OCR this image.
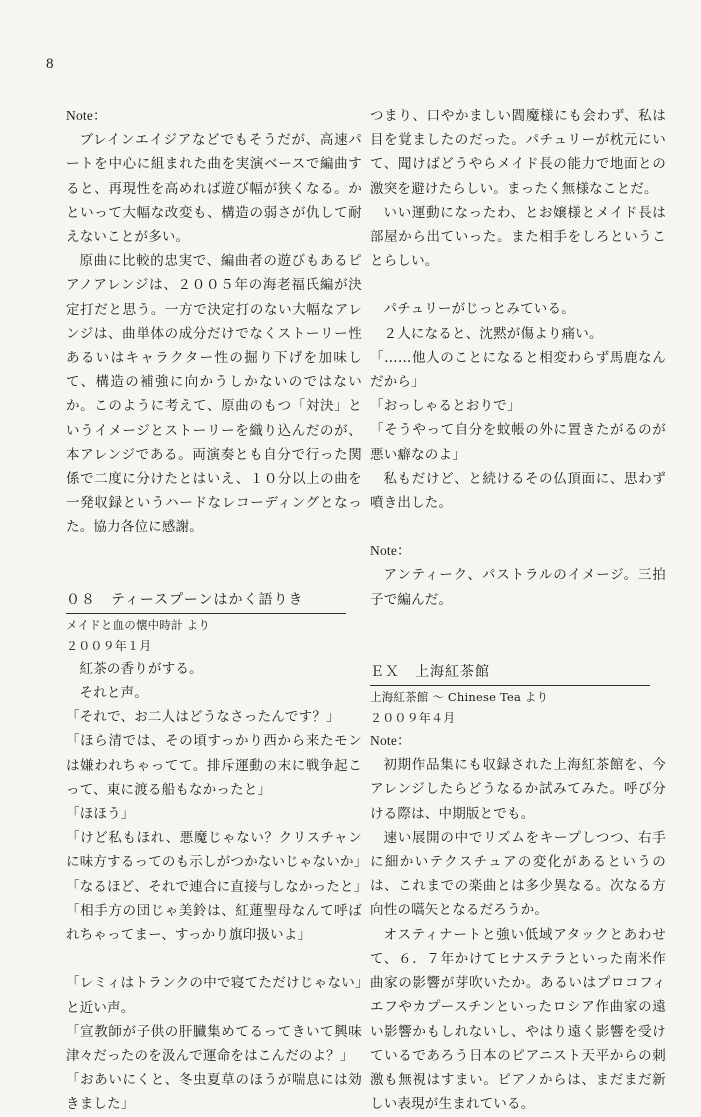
8

Note：

ブレインエイジアなどでもそうだが、高速パートを中心に組まれた曲を実演ベースで編曲すると、再現性を高めれば遊び幅が狭くなる。かといって大幅な改変も、構造の弱さが仇して耐えないことが多い。

原曲に比較的忠実で、編曲者の遊びもあるピアノアレンジは、２００５年の海老福氏編が決定打だと思う。一方で決定打のない大幅なアレンジは、曲単体の成分だけでなくストーリー性あるいはキャラクター性の掘り下げを加味して、構造の補強に向かうしかないのではないか。このように考えて、原曲のもつ「対決」というイメージとストーリーを織り込んだのが、本アレンジである。両演奏とも自分で行った関係で二度に分けたとはいえ、１０分以上の曲を一発収録というハードなレコーディングとなった。協力各位に感謝。

０８　ティースプーンはかく語りき

メイドと血の懐中時計 より

２００９年１月

紅茶の香りがする。

それと声。

「それで、お二人はどうなさったんです？」

「ほら清では、その頃すっかり西から来たモンは嫌われちゃってて。排斥運動の末に戦争起こって、東に渡る船もなかったと」

「ほほう」

「けど私もほれ、悪魔じゃない？クリスチャンに味方するってのも示しがつかないじゃないか」

「なるほど、それで連合に直接与しなかったと」

「相手方の団じゃ美鈴は、紅蓮聖母なんて呼ばれちゃってまー、すっかり旗印扱いよ」

「レミィはトランクの中で寝てただけじゃない」と近い声。

「宣教師が子供の肝臓集めてるってきいて興味津々だったのを汲んで運命をはこんだのよ？」

「おあいにくと、冬虫夏草のほうが喘息には効きました」

つまり、口やかましい閻魔様にも会わず、私は目を覚ましたのだった。パチュリーが枕元にいて、聞けばどうやらメイド長の能力で地面との激突を避けたらしい。まったく無様なことだ。

いい運動になったわ、とお嬢様とメイド長は部屋から出ていった。また相手をしろということらしい。

パチュリーがじっとみている。

２人になると、沈黙が傷より痛い。

「……他人のことになると相変わらず馬鹿なんだから」

「おっしゃるとおりで」

「そうやって自分を蚊帳の外に置きたがるのが悪い癖なのよ」

私もだけど、と続けるその仏頂面に、思わず噴き出した。

Note：

アンティーク、パストラルのイメージ。三拍子で編んだ。

ＥＸ　上海紅茶館

上海紅茶館 ～ Chinese Tea より

２００９年４月

Note：

初期作品集にも収録された上海紅茶館を、今アレンジしたらどうなるか試みてみた。呼び分ける際は、中期版とでも。

速い展開の中でリズムをキープしつつ、右手に細かいテクスチュアの変化があるというのは、これまでの楽曲とは多少異なる。次なる方向性の嚆矢となるだろうか。

オスティナートと強い低域アタックとあわせて、６．７年かけてヒナステラといった南米作曲家の影響が芽吹いたか。あるいはプロコフィエフやカプースチンといったロシア作曲家の遠い影響かもしれないし、やはり遠く影響を受けているであろう日本のピアニスト天平からの刺激も無視はすまい。ピアノからは、まだまだ新しい表現が生まれている。
